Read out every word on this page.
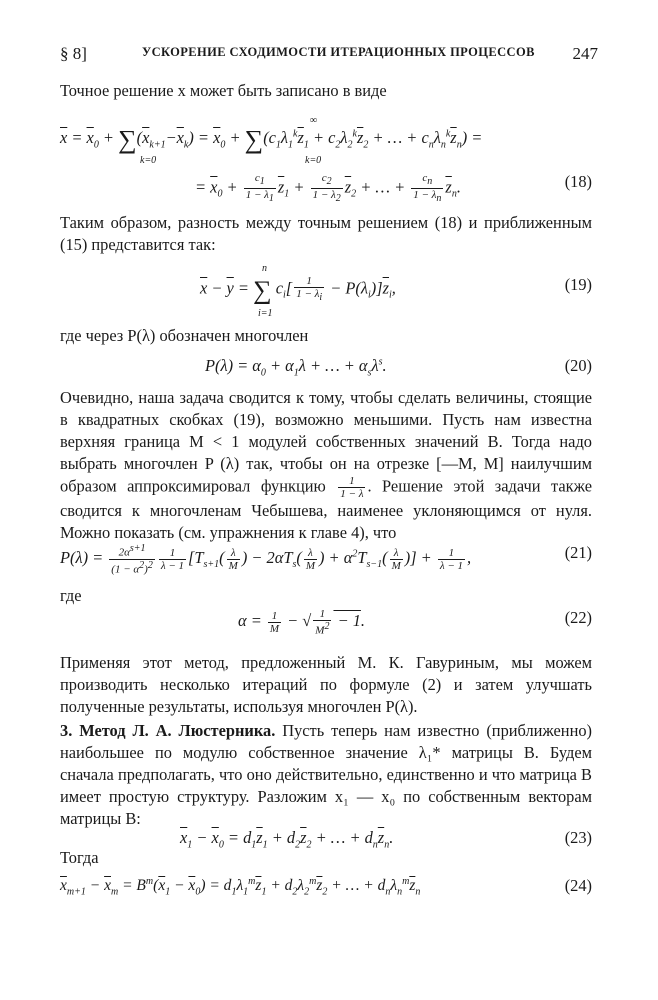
§ 8]	УСКОРЕНИЕ СХОДИМОСТИ ИТЕРАЦИОННЫХ ПРОЦЕССОВ 247
Точное решение x может быть записано в виде
$\overline{x} = \overline{x}_0 + \sum(\overline{x}_{k+1}-\overline{x}_k) = \overline{x}_0 + \sum(c_1\lambda_1^k\overline{z}_1 + c_2\lambda_2^k\overline{z}_2$ + … + $c_n\lambda_n^k\overline{z}_n$) =
k=0
∞
k=0
= $\overline{x}_0 + \frac{c_1}{1 - \lambda_1} \overline{z}_1 + \frac{c_2}{1 - \lambda_2} \overline{z}_2$ + … + $\frac{c_n}{1 - \lambda_n} \overline{z}_n$.	(18)
Таким образом, разность между точным решением (18) и приближенным (15) представится так:
$\overline{x} - \overline{y}$ = ∑ $c_i[ \frac{1}{1 - \lambda_i} - P(\lambda_i)]\overline{z}_i$,
n
i=1
(19)
где через P(λ) обозначен многочлен
$P(\lambda) = \alpha_0 + \alpha_1\lambda$ + … + $\alpha_s\lambda^s$.	(20)
Очевидно, наша задача сводится к тому, чтобы сделать величины, стоящие в квадратных скобках (19), возможно меньшими. Пусть нам известна верхняя граница M < 1 модулей собственных значений B. Тогда надо выбрать многочлен P (λ) так, чтобы он на отрезке [—M, M] наилучшим образом аппроксимировал функцию $\frac{1}{1 - \lambda}$ . Решение этой задачи также сводится к многочленам Чебышева, наименее уклоняющимся от нуля. Можно показать (см. упражнения к главе 4), что
$P(\lambda) = \frac{2\alpha^{s+1}}{(1 - \alpha^2)^2} \frac{1}{\lambda - 1} [T_{s+1}( \frac{\lambda}{M}$ ) − $2\alpha T_s( \frac{\lambda}{M}$ ) + $\alpha^2T_{s-1}( \frac{\lambda}{M}$ )] + $\frac{1}{\lambda - 1}$ ,	(21)
где
$\alpha = \frac{1}{M}$ − √ $\frac{1}{M^2} - 1$.	(22)
Применяя этот метод, предложенный М. К. Гавуриным, мы можем производить несколько итераций по формуле (2) и затем улучшать полученные результаты, используя многочлен P(λ).
3. Метод Л. А. Люстерника. Пусть теперь нам известно (приближенно) наибольшее по модулю собственное значение λ₁* матрицы B. Будем сначала предполагать, что оно действительно, единственно и что матрица B имеет простую структуру. Разложим x₁ — x₀ по собственным векторам матрицы B:
$\overline{x}_1 - \overline{x}_0 = d_1\overline{z}_1 + d_2\overline{z}_2$ + … + $d_n\overline{z}_n$.	(23)
Тогда
$\overline{x}_{m+1} - \overline{x}_m = B^m(\overline{x}_1 - \overline{x}_0) = d_1\lambda_1^m\overline{z}_1 + d_2\lambda_2^m\overline{z}_2$ + … + $d_n\lambda_n^m\overline{z}_n$	(24)
